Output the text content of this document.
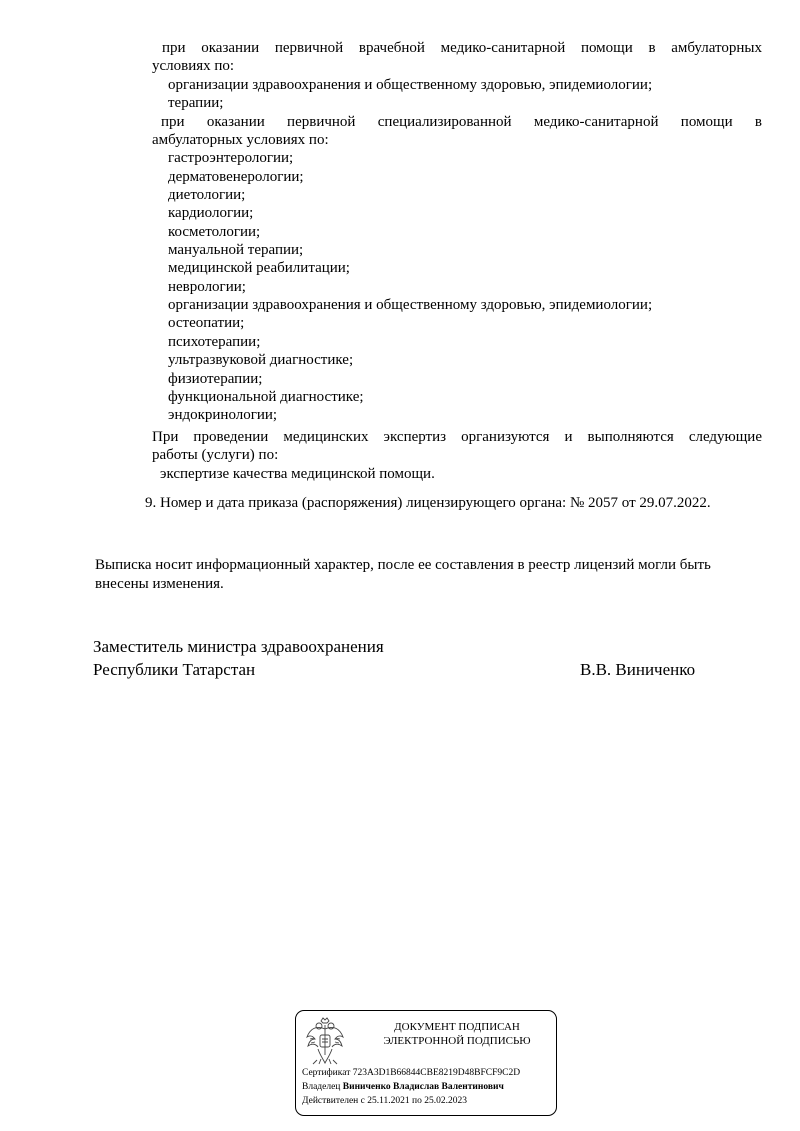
при оказании первичной врачебной медико-санитарной помощи в амбулаторных
условиях по:
организации здравоохранения и общественному здоровью, эпидемиологии;
терапии;
при оказании первичной специализированной медико-санитарной помощи в
амбулаторных условиях по:
гастроэнтерологии;
дерматовенерологии;
диетологии;
кардиологии;
косметологии;
мануальной терапии;
медицинской реабилитации;
неврологии;
организации здравоохранения и общественному здоровью, эпидемиологии;
остеопатии;
психотерапии;
ультразвуковой диагностике;
физиотерапии;
функциональной диагностике;
эндокринологии;
При проведении медицинских экспертиз организуются и выполняются следующие
работы (услуги) по:
экспертизе качества медицинской помощи.
9. Номер и дата приказа (распоряжения) лицензирующего органа: № 2057 от 29.07.2022.
Выписка носит информационный характер, после ее составления в реестр лицензий могли быть
внесены изменения.
Заместитель министра здравоохранения
Республики Татарстан	В.В. Виниченко
ДОКУМЕНТ ПОДПИСАН
ЭЛЕКТРОННОЙ ПОДПИСЬЮ
Сертификат 723A3D1B66844CBE8219D48BFCF9C2D
Владелец Виниченко Владислав Валентинович
Действителен с 25.11.2021 по 25.02.2023
